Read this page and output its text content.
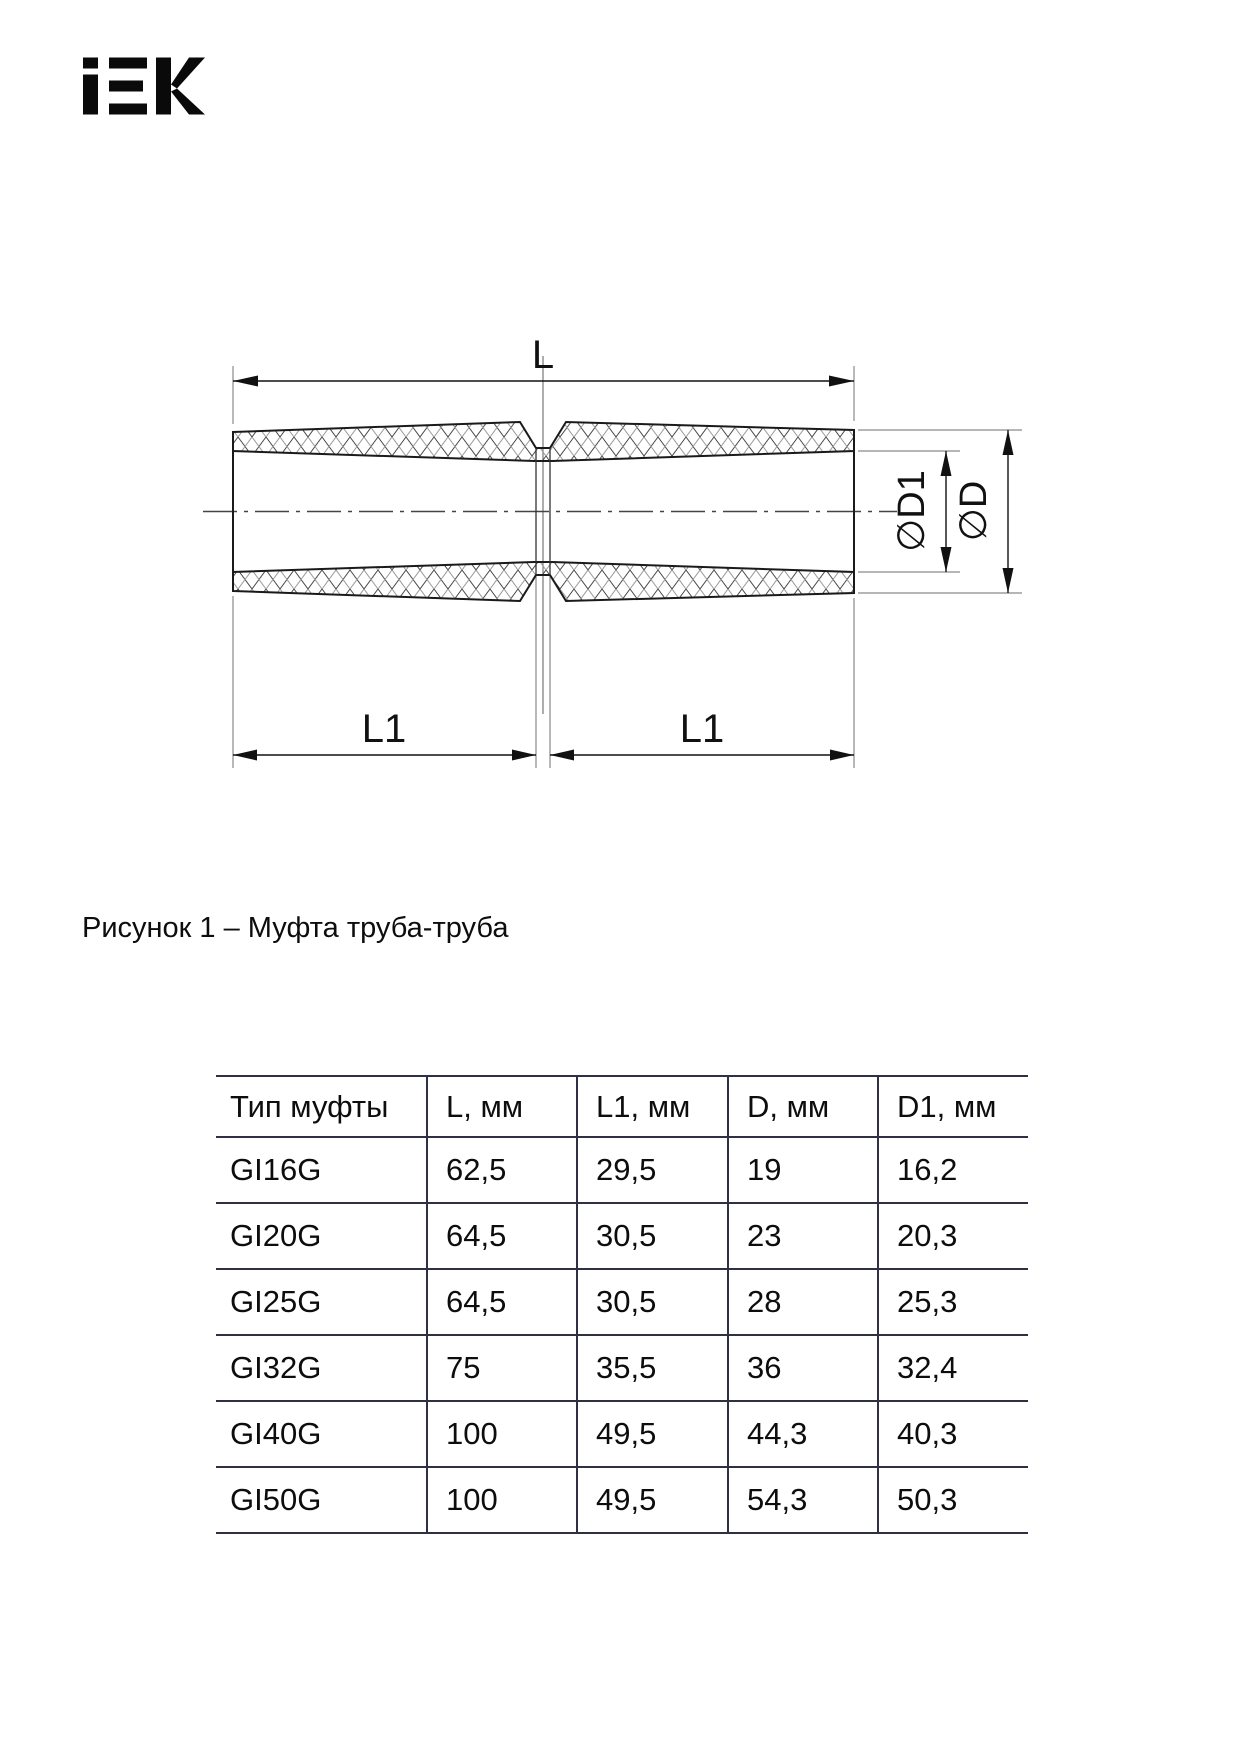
L
L1	L1
∅D1 ∅D
Рисунок 1 – Муфта труба-труба
Тип муфты	L, мм	L1, мм	D, мм	D1, мм
GI16G	62,5	29,5	19	16,2
GI20G	64,5	30,5	23	20,3
GI25G	64,5	30,5	28	25,3
GI32G	75	35,5	36	32,4
GI40G	100	49,5	44,3	40,3
GI50G	100	49,5	54,3	50,3
